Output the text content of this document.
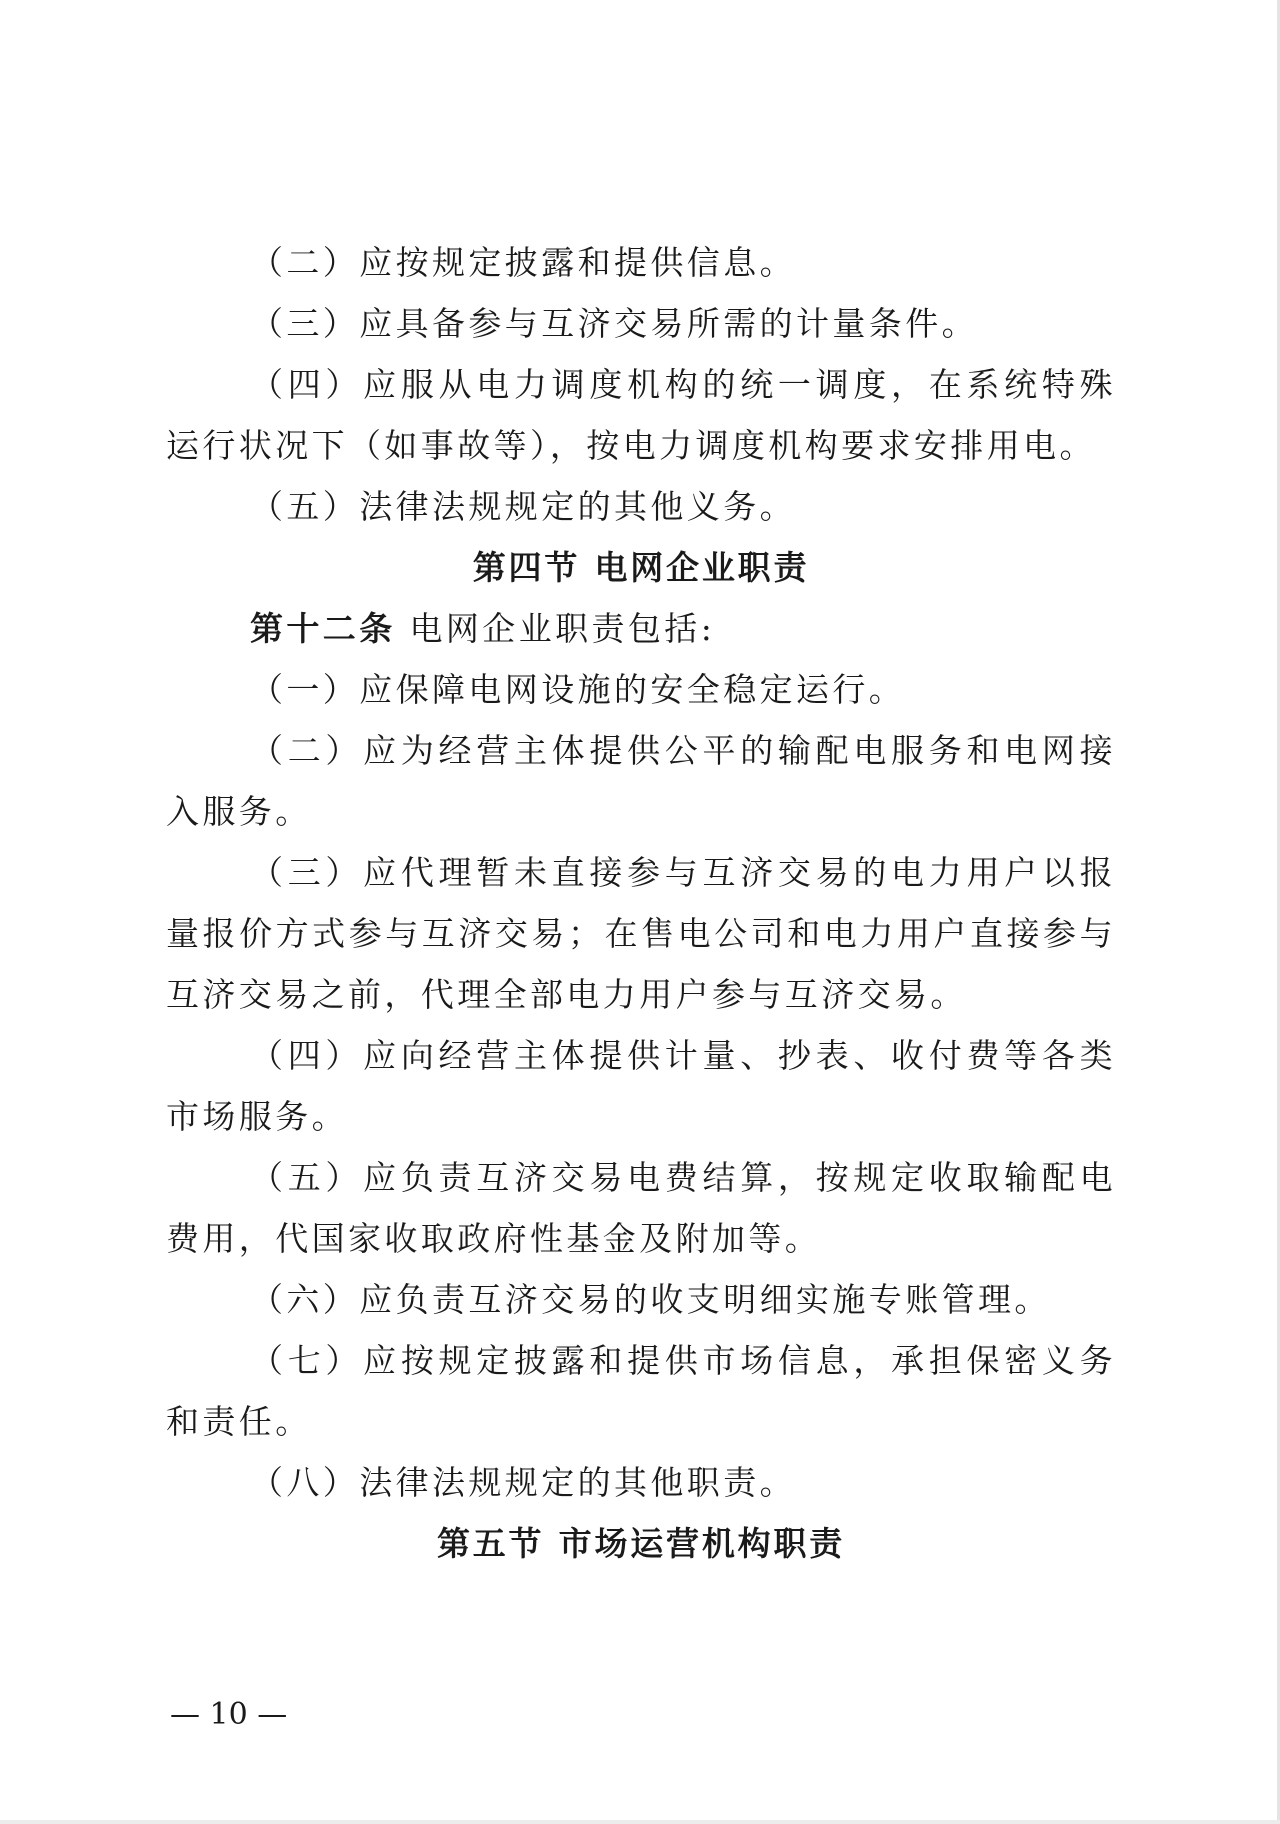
（二）应按规定披露和提供信息。

（三）应具备参与互济交易所需的计量条件。

（四）应服从电力调度机构的统一调度，在系统特殊运行状况下（如事故等），按电力调度机构要求安排用电。

（五）法律法规规定的其他义务。

第四节 电网企业职责
第十二条 电网企业职责包括:

（一）应保障电网设施的安全稳定运行。

（二）应为经营主体提供公平的输配电服务和电网接入服务。

（三）应代理暂未直接参与互济交易的电力用户以报量报价方式参与互济交易；在售电公司和电力用户直接参与互济交易之前，代理全部电力用户参与互济交易。

（四）应向经营主体提供计量、抄表、收付费等各类市场服务。

（五）应负责互济交易电费结算，按规定收取输配电费用，代国家收取政府性基金及附加等。

（六）应负责互济交易的收支明细实施专账管理。

（七）应按规定披露和提供市场信息，承担保密义务和责任。

（八）法律法规规定的其他职责。

第五节 市场运营机构职责
— 10 —
